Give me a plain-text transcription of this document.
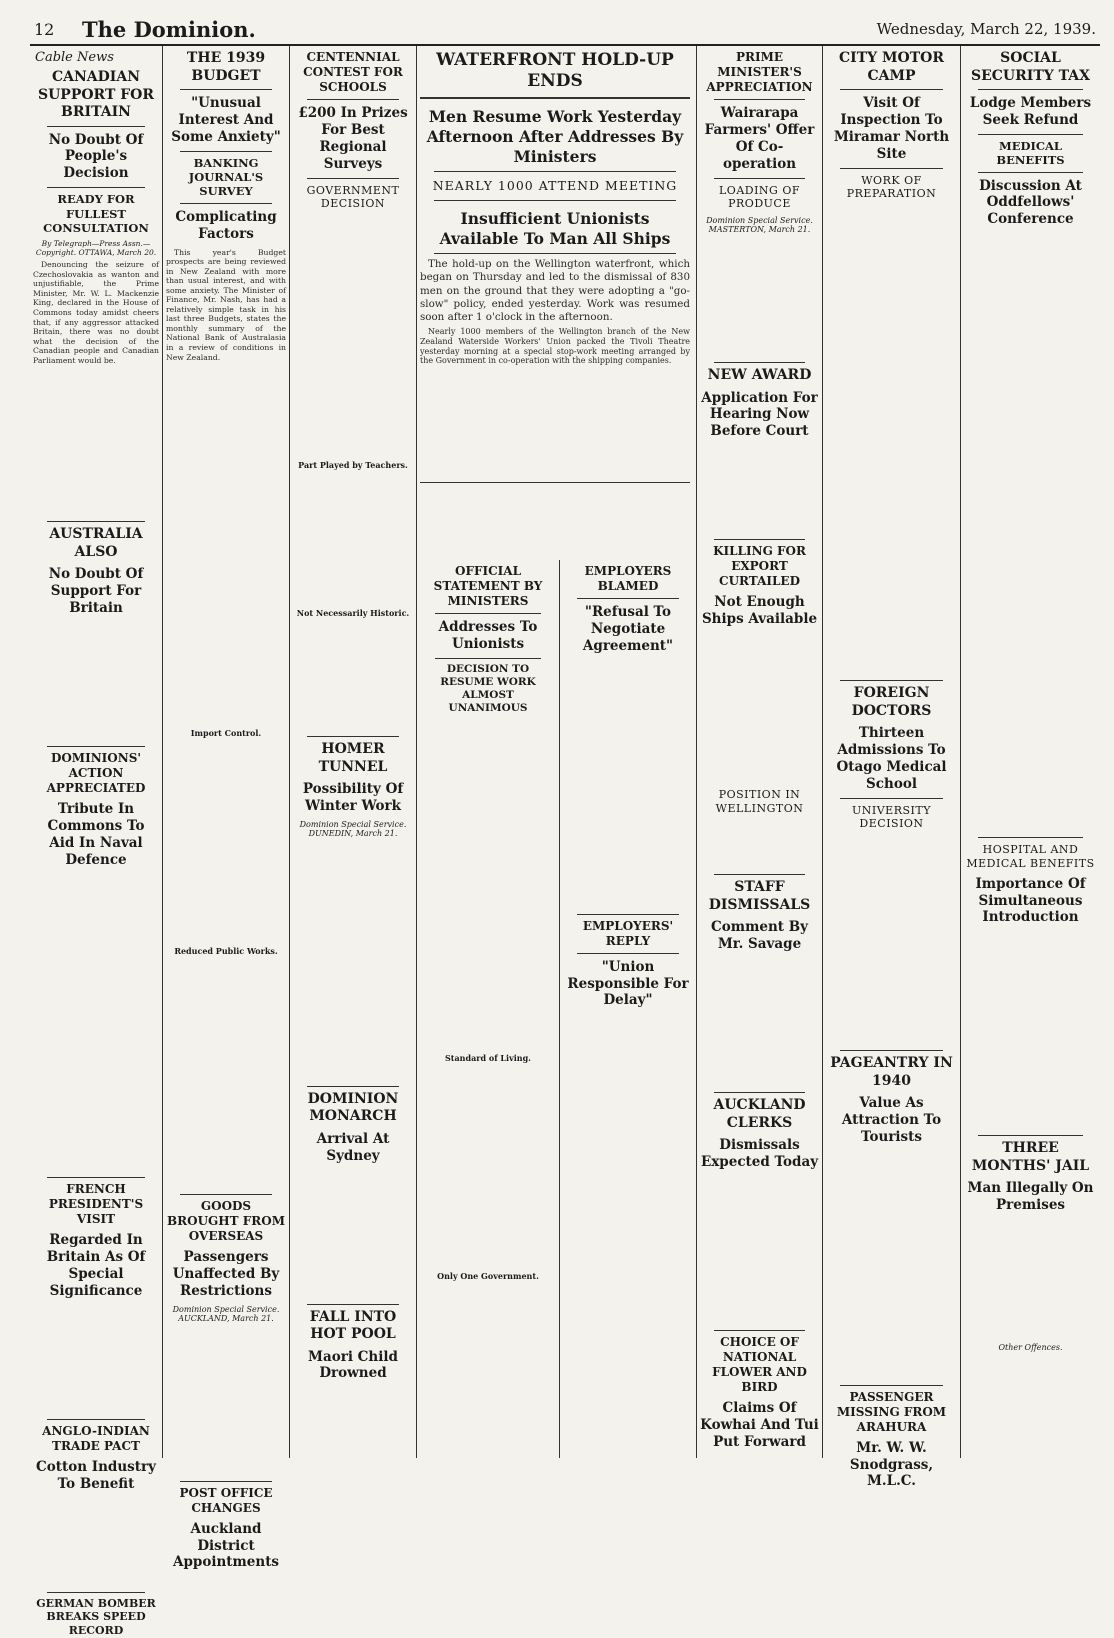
12 The Dominion.	Wednesday, March 22, 1939.
Cable News
CANADIAN SUPPORT FOR BRITAIN
No Doubt Of People's Decision
READY FOR FULLEST CONSULTATION
By Telegraph—Press Assn.—Copyright. OTTAWA, March 20.

Denouncing the seizure of Czechoslovakia as wanton and unjustifiable, the Prime Minister, Mr. W. L. Mackenzie King, declared in the House of Commons today amidst cheers that, if any aggressor attacked Britain, there was no doubt what the decision of the Canadian people and Canadian Parliament would be.

AUSTRALIA ALSO
No Doubt Of Support For Britain
DOMINIONS' ACTION APPRECIATED
Tribute In Commons To Aid In Naval Defence
FRENCH PRESIDENT'S VISIT
Regarded In Britain As Of Special Significance
ANGLO-INDIAN TRADE PACT
Cotton Industry To Benefit
GERMAN BOMBER BREAKS SPEED RECORD
THE 1939 BUDGET
"Unusual Interest And Some Anxiety"
BANKING JOURNAL'S SURVEY
Complicating Factors

This year's Budget prospects are being reviewed in New Zealand with more than usual interest, and with some anxiety. The Minister of Finance, Mr. Nash, has had a relatively simple task in his last three Budgets, states the monthly summary of the National Bank of Australasia in a review of conditions in New Zealand.

Import Control.
Reduced Public Works.
GOODS BROUGHT FROM OVERSEAS
Passengers Unaffected By Restrictions
Dominion Special Service. AUCKLAND, March 21.
POST OFFICE CHANGES
Auckland District Appointments
CENTENNIAL CONTEST FOR SCHOOLS
£200 In Prizes For Best Regional Surveys
GOVERNMENT DECISION
Part Played by Teachers.
Not Necessarily Historic.
HOMER TUNNEL
Possibility Of Winter Work
Dominion Special Service. DUNEDIN, March 21.
DOMINION MONARCH
Arrival At Sydney
FALL INTO HOT POOL
Maori Child Drowned
WATERFRONT HOLD-UP ENDS
Men Resume Work Yesterday Afternoon After Addresses By Ministers
NEARLY 1000 ATTEND MEETING
Insufficient Unionists Available To Man All Ships

The hold-up on the Wellington waterfront, which began on Thursday and led to the dismissal of 830 men on the ground that they were adopting a "go-slow" policy, ended yesterday. Work was resumed soon after 1 o'clock in the afternoon.

Nearly 1000 members of the Wellington branch of the New Zealand Waterside Workers' Union packed the Tivoli Theatre yesterday morning at a special stop-work meeting arranged by the Government in co-operation with the shipping companies.

OFFICIAL STATEMENT BY MINISTERS
Addresses To Unionists
DECISION TO RESUME WORK ALMOST UNANIMOUS
Standard of Living.
Only One Government.
EMPLOYERS BLAMED
"Refusal To Negotiate Agreement"
EMPLOYERS' REPLY
"Union Responsible For Delay"
PRIME MINISTER'S APPRECIATION
Wairarapa Farmers' Offer Of Co-operation
LOADING OF PRODUCE
Dominion Special Service. MASTERTON, March 21.
NEW AWARD
Application For Hearing Now Before Court
KILLING FOR EXPORT CURTAILED
Not Enough Ships Available
POSITION IN WELLINGTON
STAFF DISMISSALS
Comment By Mr. Savage
AUCKLAND CLERKS
Dismissals Expected Today
CHOICE OF NATIONAL FLOWER AND BIRD
Claims Of Kowhai And Tui Put Forward
CITY MOTOR CAMP
Visit Of Inspection To Miramar North Site
WORK OF PREPARATION
FOREIGN DOCTORS
Thirteen Admissions To Otago Medical School
UNIVERSITY DECISION
PAGEANTRY IN 1940
Value As Attraction To Tourists
PASSENGER MISSING FROM ARAHURA
Mr. W. W. Snodgrass, M.L.C.
SOCIAL SECURITY TAX
Lodge Members Seek Refund
MEDICAL BENEFITS
Discussion At Oddfellows' Conference
HOSPITAL AND MEDICAL BENEFITS
Importance Of Simultaneous Introduction
THREE MONTHS' JAIL
Man Illegally On Premises
Other Offences.
